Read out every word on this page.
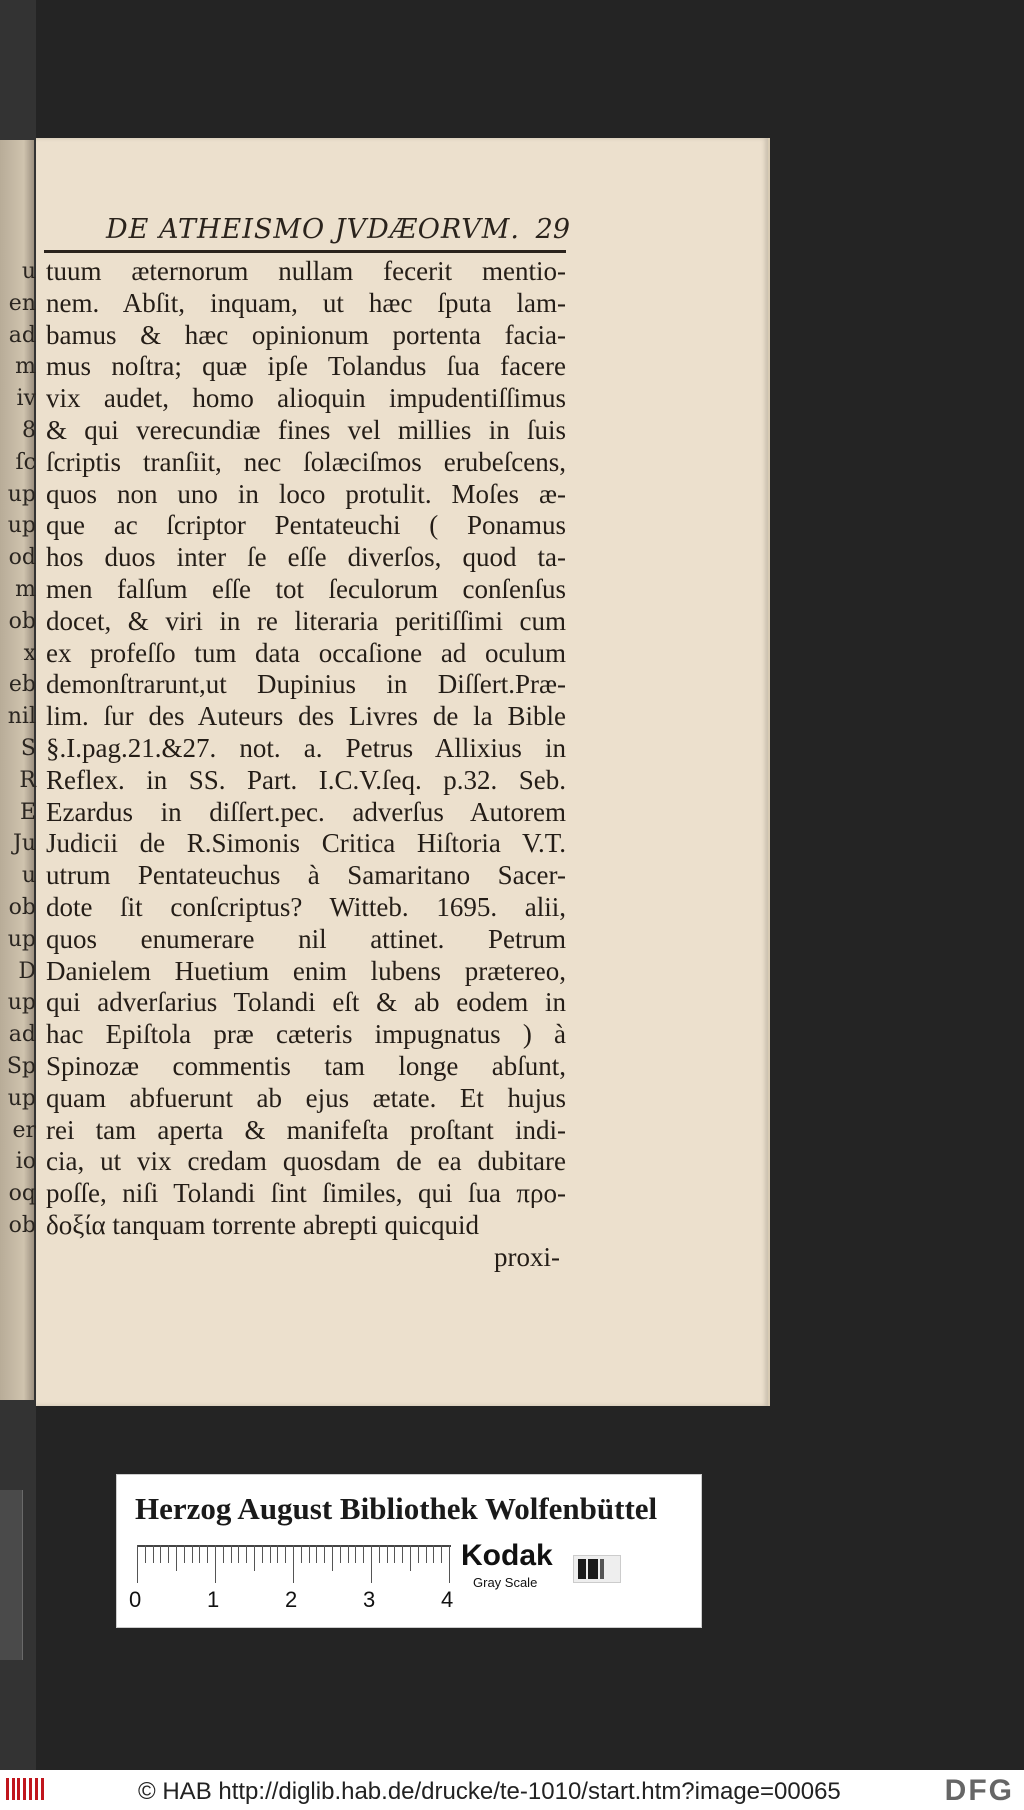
u
en
ad
m
iv
8
ſc
up
up
od
m
ob
x
eb
nil
S
R
E
Ju
u
ob
up
D
up
ad
Sp
up
er
io
oq
ob
DE ATHEISMO JVDÆORVM. 29
tuum æternorum nullam fecerit mentio-
nem. Abſit, inquam, ut hæc ſputa lam-
bamus & hæc opinionum portenta facia-
mus noſtra; quæ ipſe Tolandus ſua facere
vix audet, homo alioquin impudentiſſimus
& qui verecundiæ fines vel millies in ſuis
ſcriptis tranſiit, nec ſolæciſmos erubeſcens,
quos non uno in loco protulit. Moſes æ-
que ac ſcriptor Pentateuchi ( Ponamus
hos duos inter ſe eſſe diverſos, quod ta-
men falſum eſſe tot ſeculorum conſenſus
docet, & viri in re literaria peritiſſimi cum
ex profeſſo tum data occaſione ad oculum
demonſtrarunt,ut Dupinius in Diſſert.Præ-
lim. ſur des Auteurs des Livres de la Bible
§.I.pag.21.&27. not. a. Petrus Allixius in
Reflex. in SS. Part. I.C.V.ſeq. p.32. Seb.
Ezardus in diſſert.pec. adverſus Autorem
Judicii de R.Simonis Critica Hiſtoria V.T.
utrum Pentateuchus à Samaritano Sacer-
dote ſit conſcriptus? Witteb. 1695. alii,
quos enumerare nil attinet. Petrum
Danielem Huetium enim lubens prætereo,
qui adverſarius Tolandi eſt & ab eodem in
hac Epiſtola præ cæteris impugnatus ) à
Spinozæ commentis tam longe abſunt,
quam abfuerunt ab ejus ætate. Et hujus
rei tam aperta & manifeſta proſtant indi-
cia, ut vix credam quosdam de ea dubitare
poſſe, niſi Tolandi ſint ſimiles, qui ſua προ-
δοξία tanquam torrente abrepti quicquid
proxi-
Herzog August Bibliothek Wolfenbüttel
0	1	2	3	4
Kodak
Gray Scale
© HAB http://diglib.hab.de/drucke/te-1010/start.htm?image=00065	DFG
